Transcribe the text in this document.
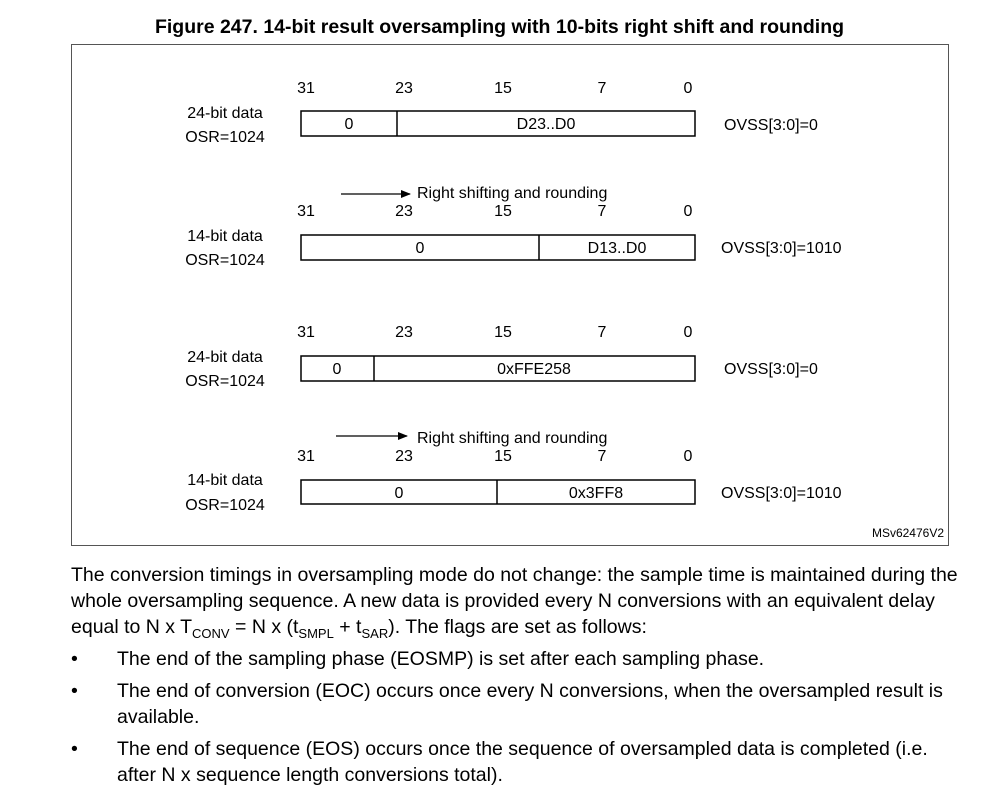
Figure 247. 14-bit result oversampling with 10-bits right shift and rounding
31	23	15	7	0
24-bit data
OSR=1024
0	D23..D0	OVSS[3:0]=0
Right shifting and rounding
31	23	15	7	0
14-bit data
OSR=1024
0	D13..D0	OVSS[3:0]=1010
31	23	15	7	0
24-bit data
OSR=1024
0	0xFFE258	OVSS[3:0]=0
Right shifting and rounding
31	23	15	7	0
14-bit data
OSR=1024
0	0x3FF8	OVSS[3:0]=1010
MSv62476V2

The conversion timings in oversampling mode do not change: the sample time is maintained during the whole oversampling sequence. A new data is provided every N conversions with an equivalent delay equal to N x $T_{CONV} = N$ x $(t_{SMPL} + t_{SAR})$. The flags are set as follows:

• The end of the sampling phase (EOSMP) is set after each sampling phase.
• The end of conversion (EOC) occurs once every N conversions, when the oversampled result is available.
• The end of sequence (EOS) occurs once the sequence of oversampled data is completed (i.e. after N x sequence length conversions total).
